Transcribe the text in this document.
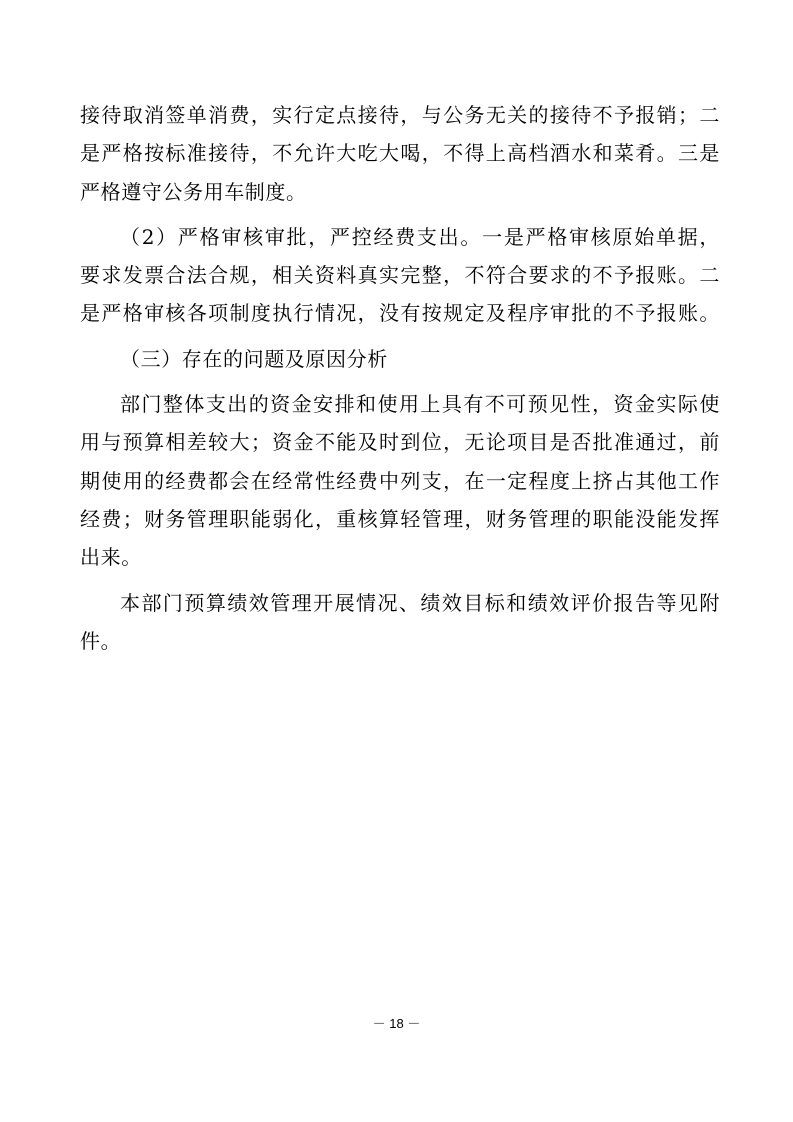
接待取消签单消费，实行定点接待，与公务无关的接待不予报销；二
是严格按标准接待，不允许大吃大喝，不得上高档酒水和菜肴。三是
严格遵守公务用车制度。
（2）严格审核审批，严控经费支出。一是严格审核原始单据，
要求发票合法合规，相关资料真实完整，不符合要求的不予报账。二
是严格审核各项制度执行情况，没有按规定及程序审批的不予报账。
（三）存在的问题及原因分析
部门整体支出的资金安排和使用上具有不可预见性，资金实际使
用与预算相差较大；资金不能及时到位，无论项目是否批准通过，前
期使用的经费都会在经常性经费中列支，在一定程度上挤占其他工作
经费；财务管理职能弱化，重核算轻管理，财务管理的职能没能发挥
出来。
本部门预算绩效管理开展情况、绩效目标和绩效评价报告等见附
件。
－ 18 －
